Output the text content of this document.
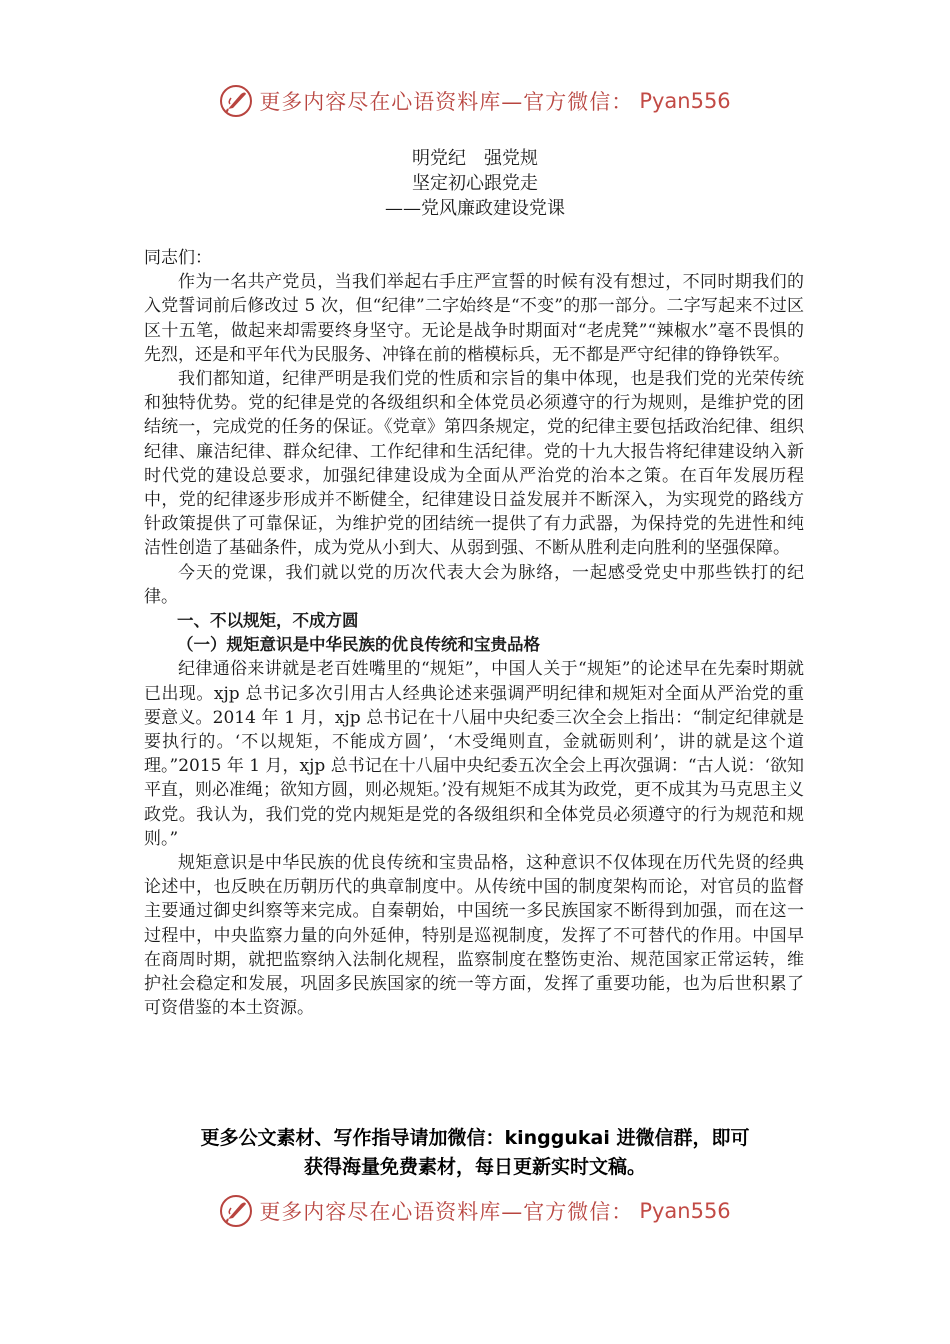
更多内容尽在心语资料库—官方微信： Pyan556
明党纪　强党规
坚定初心跟党走
——党风廉政建设党课

同志们：

作为一名共产党员，当我们举起右手庄严宣誓的时候有没有想过，不同时期我们的入党誓词前后修改过 5 次，但“纪律”二字始终是“不变”的那一部分。二字写起来不过区区十五笔，做起来却需要终身坚守。无论是战争时期面对“老虎凳”“辣椒水”毫不畏惧的先烈，还是和平年代为民服务、冲锋在前的楷模标兵，无不都是严守纪律的铮铮铁军。

我们都知道，纪律严明是我们党的性质和宗旨的集中体现，也是我们党的光荣传统和独特优势。党的纪律是党的各级组织和全体党员必须遵守的行为规则，是维护党的团结统一，完成党的任务的保证。《党章》第四条规定，党的纪律主要包括政治纪律、组织纪律、廉洁纪律、群众纪律、工作纪律和生活纪律。党的十九大报告将纪律建设纳入新时代党的建设总要求，加强纪律建设成为全面从严治党的治本之策。在百年发展历程中，党的纪律逐步形成并不断健全，纪律建设日益发展并不断深入，为实现党的路线方针政策提供了可靠保证，为维护党的团结统一提供了有力武器，为保持党的先进性和纯洁性创造了基础条件，成为党从小到大、从弱到强、不断从胜利走向胜利的坚强保障。

今天的党课，我们就以党的历次代表大会为脉络，一起感受党史中那些铁打的纪律。

一、不以规矩，不成方圆

（一）规矩意识是中华民族的优良传统和宝贵品格

纪律通俗来讲就是老百姓嘴里的“规矩”，中国人关于“规矩”的论述早在先秦时期就已出现。xjp 总书记多次引用古人经典论述来强调严明纪律和规矩对全面从严治党的重要意义。2014 年 1 月，xjp 总书记在十八届中央纪委三次全会上指出：“制定纪律就是要执行的。‘不以规矩，不能成方圆’，‘木受绳则直，金就砺则利’，讲的就是这个道理。”2015 年 1 月，xjp 总书记在十八届中央纪委五次全会上再次强调：“古人说：‘欲知平直，则必准绳；欲知方圆，则必规矩。’没有规矩不成其为政党，更不成其为马克思主义政党。我认为，我们党的党内规矩是党的各级组织和全体党员必须遵守的行为规范和规则。”

规矩意识是中华民族的优良传统和宝贵品格，这种意识不仅体现在历代先贤的经典论述中，也反映在历朝历代的典章制度中。从传统中国的制度架构而论，对官员的监督主要通过御史纠察等来完成。自秦朝始，中国统一多民族国家不断得到加强，而在这一过程中，中央监察力量的向外延伸，特别是巡视制度，发挥了不可替代的作用。中国早在商周时期，就把监察纳入法制化规程，监察制度在整饬吏治、规范国家正常运转，维护社会稳定和发展，巩固多民族国家的统一等方面，发挥了重要功能，也为后世积累了可资借鉴的本土资源。

更多公文素材、写作指导请加微信：kinggukai 进微信群，即可
获得海量免费素材，每日更新实时文稿。
更多内容尽在心语资料库—官方微信： Pyan556
